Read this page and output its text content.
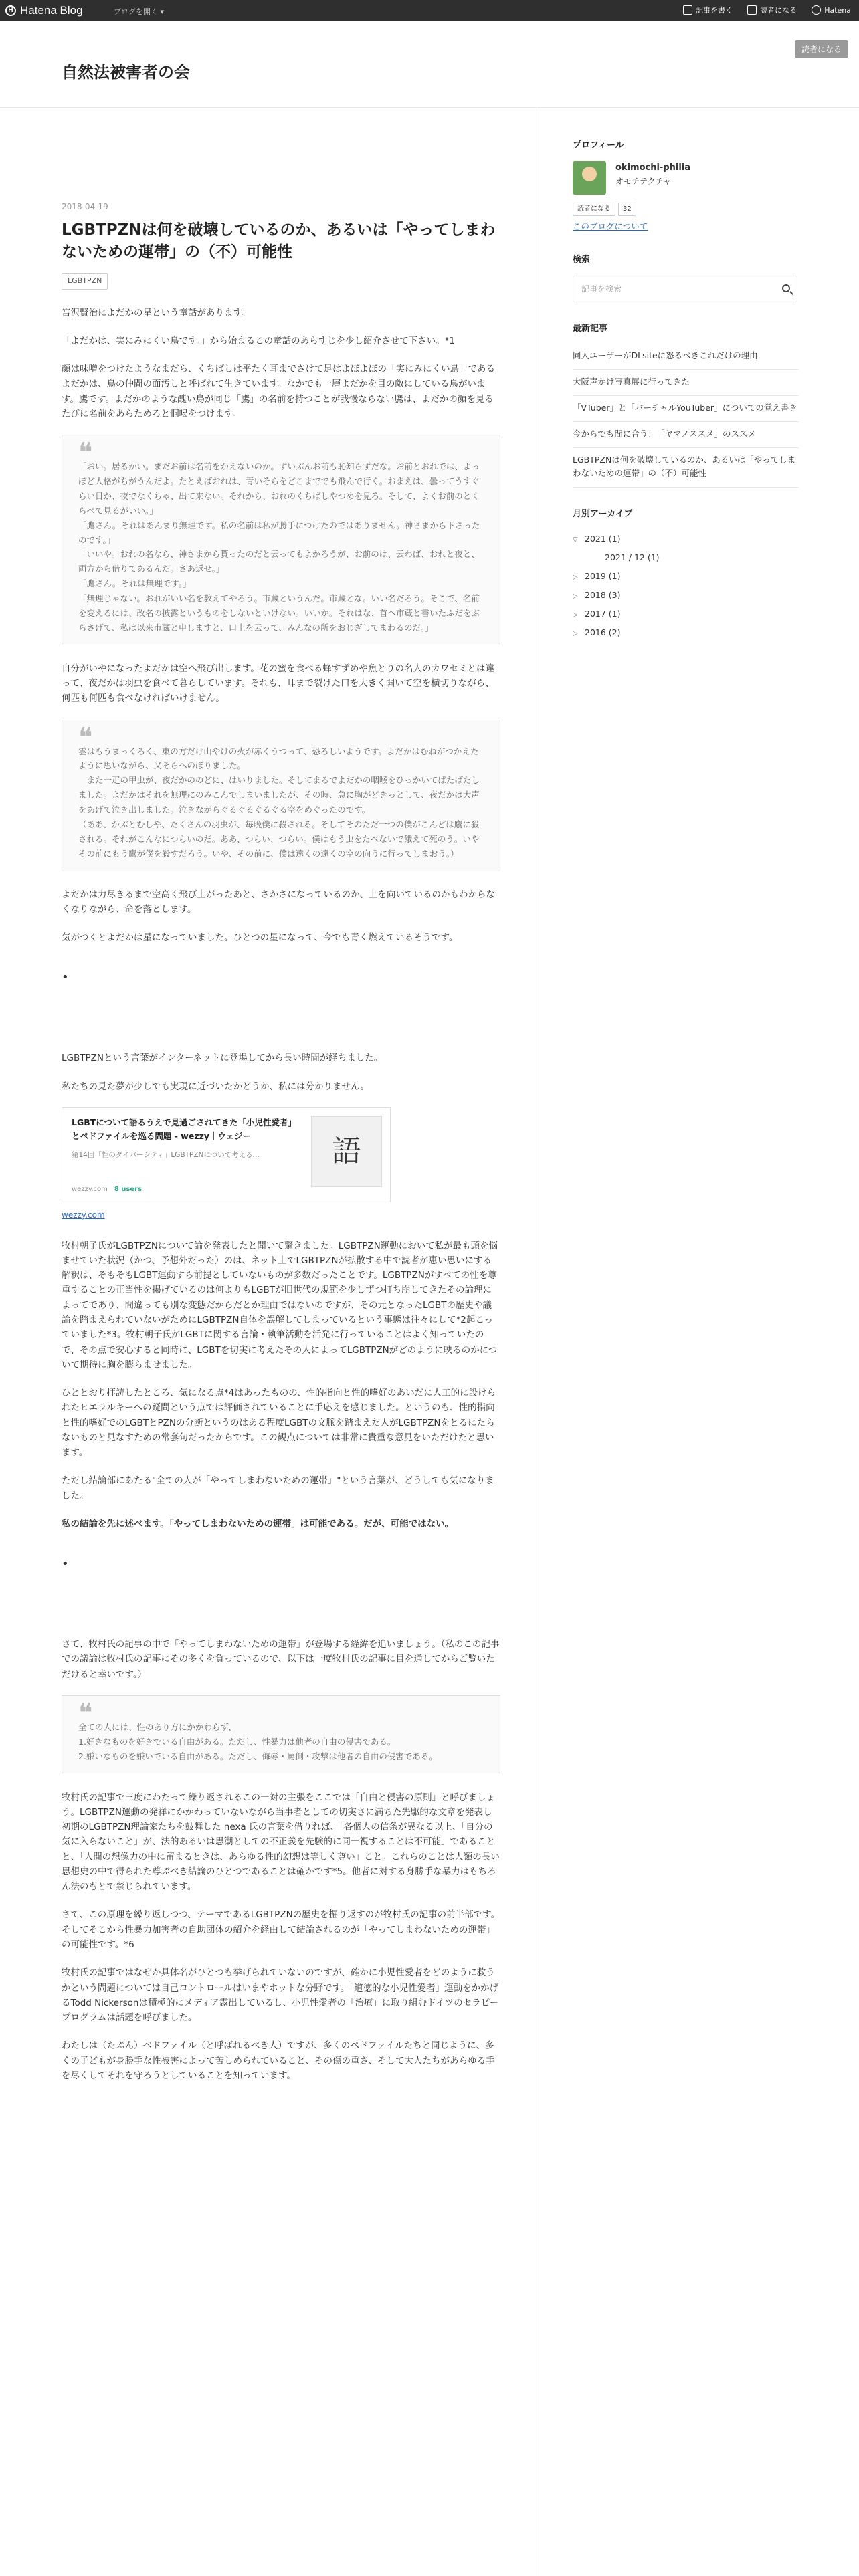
H Hatena Blog	ブログを開く ▾	記事を書く	読者になる	Hatena
自然法被害者の会
読者になる
2018-04-19
LGBTPZNは何を破壊しているのか、あるいは「やってしまわないための運帯」の（不）可能性
LGBTPZN

宮沢賢治によだかの星という童話があります。

「よだかは、実にみにくい鳥です。」から始まるこの童話のあらすじを少し紹介させて下さい。*1

顔は味噌をつけたようなまだら、くちばしは平たく耳までさけて足はよぼよぼの「実にみにくい鳥」であるよだかは、鳥の仲間の面汚しと呼ばれて生きています。なかでも一層よだかを目の敵にしている鳥がいます。鷹です。よだかのような醜い鳥が同じ「鷹」の名前を持つことが我慢ならない鷹は、よだかの顔を見るたびに名前をあらためろと恫喝をつけます。

❝
「おい。居るかい。まだお前は名前をかえないのか。ずいぶんお前も恥知らずだな。お前とおれでは、よっぽど人格がちがうんだよ。たとえばおれは、青いそらをどこまででも飛んで行く。おまえは、曇ってうすぐらい日か、夜でなくちゃ、出て来ない。それから、おれのくちばしやつめを見ろ。そして、よくお前のとくらべて見るがいい。」
「鷹さん。それはあんまり無理です。私の名前は私が勝手につけたのではありません。神さまから下さったのです。」
「いいや。おれの名なら、神さまから貰ったのだと云ってもよかろうが、お前のは、云わば、おれと夜と、両方から借りてあるんだ。さあ返せ。」
「鷹さん。それは無理です。」
「無理じゃない。おれがいい名を教えてやろう。市蔵というんだ。市蔵とな。いい名だろう。そこで、名前を変えるには、改名の披露というものをしないといけない。いいか。それはな、首へ市蔵と書いたふだをぶらさげて、私は以来市蔵と申しますと、口上を云って、みんなの所をおじぎしてまわるのだ。」

自分がいやになったよだかは空へ飛び出します。花の蜜を食べる蜂すずめや魚とりの名人のカワセミとは違って、夜だかは羽虫を食べて暮らしています。それも、耳まで裂けた口を大きく開いて空を横切りながら、何匹も何匹も食べなければいけません。

❝
雲はもうまっくろく、東の方だけ山やけの火が赤くうつって、恐ろしいようです。よだかはむねがつかえたように思いながら、又そらへのぼりました。
　また一疋の甲虫が、夜だかののどに、はいりました。そしてまるでよだかの咽喉をひっかいてばたばたしました。よだかはそれを無理にのみこんでしまいましたが、その時、急に胸がどきっとして、夜だかは大声をあげて泣き出しました。泣きながらぐるぐるぐるぐる空をめぐったのです。
（ああ、かぶとむしや、たくさんの羽虫が、毎晩僕に殺される。そしてそのただ一つの僕がこんどは鷹に殺される。それがこんなにつらいのだ。ああ、つらい、つらい。僕はもう虫をたべないで餓えて死のう。いやその前にもう鷹が僕を殺すだろう。いや、その前に、僕は遠くの遠くの空の向うに行ってしまおう。）

よだかは力尽きるまで空高く飛び上がったあと、さかさになっているのか、上を向いているのかもわからなくなりながら、命を落とします。

気がつくとよだかは星になっていました。ひとつの星になって、今でも青く燃えているそうです。

•

LGBTPZNという言葉がインターネットに登場してから長い時間が経ちました。

私たちの見た夢が少しでも実現に近づいたかどうか、私には分かりません。

LGBTについて語るうえで見過ごされてきた「小児性愛者」とペドファイルを巡る問題 - wezzy｜ウェジー
第14回「性のダイバーシティ」LGBTPZNについて考える...
wezzy.com　 8 users
語
wezzy.com

牧村朝子氏がLGBTPZNについて論を発表したと聞いて驚きました。LGBTPZN運動において私が最も頭を悩ませていた状況（かつ、予想外だった）のは、ネット上でLGBTPZNが拡散する中で読者が恵い思いにする解釈は、そもそもLGBT運動すら前提としていないものが多数だったことです。LGBTPZNがすべての性を尊重することの正当性を掲げているのは何よりもLGBTが旧世代の規範を少しずつ打ち崩してきたその論理によってであり、間違っても別な変態だからだとか理由ではないのですが、その元となったLGBTの歴史や議論を踏まえられていないがためにLGBTPZN自体を誤解してしまっているという事態は往々にして*2起こっていました*3。牧村朝子氏がLGBTに関する言論・執筆活動を活発に行っていることはよく知っていたので、その点で安心すると同時に、LGBTを切実に考えたその人によってLGBTPZNがどのように映るのかについて期待に胸を膨らませました。

ひととおり拝読したところ、気になる点*4はあったものの、性的指向と性的嗜好のあいだに人工的に設けられたヒエラルキーへの疑問という点では評価されていることに手応えを感じました。というのも、性的指向と性的嗜好でのLGBTとPZNの分断というのはある程度LGBTの文脈を踏まえた人がLGBTPZNをとるにたらないものと見なすための常套句だったからです。この観点については非常に貴重な意見をいただけたと思います。

ただし結論部にあたる"全ての人が「やってしまわないための運帯」"という言葉が、どうしても気になりました。

私の結論を先に述べます。「やってしまわないための運帯」は可能である。だが、可能ではない。

•

さて、牧村氏の記事の中で「やってしまわないための運帯」が登場する経緯を追いましょう。（私のこの記事での議論は牧村氏の記事にその多くを負っているので、以下は一度牧村氏の記事に目を通してからご覧いただけると幸いです。）

❝
全ての人には、性のあり方にかかわらず、
1.好きなものを好きでいる自由がある。ただし、性暴力は他者の自由の侵害である。
2.嫌いなものを嫌いでいる自由がある。ただし、侮辱・罵倒・攻撃は他者の自由の侵害である。

牧村氏の記事で三度にわたって繰り返されるこの一対の主張をここでは「自由と侵害の原則」と呼びましょう。LGBTPZN運動の発祥にかかわっていないながら当事者としての切実さに満ちた先駆的な文章を発表し初期のLGBTPZN理論家たちを鼓舞した nexa 氏の言葉を借りれば、「各個人の信条が異なる以上、「自分の気に入らないこと」が、法的あるいは思潮としての不正義を先験的に同一視することは不可能」であることと、「人間の想像力の中に留まるときは、あらゆる性的幻想は等しく尊い」こと。これらのことは人類の長い思想史の中で得られた尊ぶべき結論のひとつであることは確かです*5。他者に対する身勝手な暴力はもちろん法のもとで禁じられています。

さて、この原理を繰り返しつつ、テーマであるLGBTPZNの歴史を掘り返すのが牧村氏の記事の前半部です。そしてそこから性暴力加害者の自助団体の紹介を経由して結論されるのが「やってしまわないための運帯」の可能性です。*6

牧村氏の記事ではなぜか具体名がひとつも挙げられていないのですが、確かに小児性愛者をどのように救うかという問題については自己コントロールはいまやホットな分野です。「道徳的な小児性愛者」運動をかかげるTodd Nickersonは積極的にメディア露出しているし、小児性愛者の「治療」に取り組むドイツのセラピープログラムは話題を呼びました。

わたしは（たぶん）ペドファイル（と呼ばれるべき人）ですが、多くのペドファイルたちと同じように、多くの子どもが身勝手な性被害によって苦しめられていること、その傷の重さ、そして大人たちがあらゆる手を尽くしてそれを守ろうとしていることを知っています。

プロフィール
okimochi-philia
オモチテクチャ
読者になる 32
このブログについて
検索
記事を検索
最新記事
同人ユーザーがDLsiteに怒るべきこれだけの理由
大阪声かけ写真展に行ってきた
「VTuber」と「バーチャルYouTuber」についての覚え書き
今からでも間に合う！「ヤマノススメ」のススメ
LGBTPZNは何を破壊しているのか、あるいは「やってしまわないための運帯」の（不）可能性
月別アーカイブ
▽ 2021 (1)
2021 / 12 (1)
▷ 2019 (1)
▷ 2018 (3)
▷ 2017 (1)
▷ 2016 (2)
